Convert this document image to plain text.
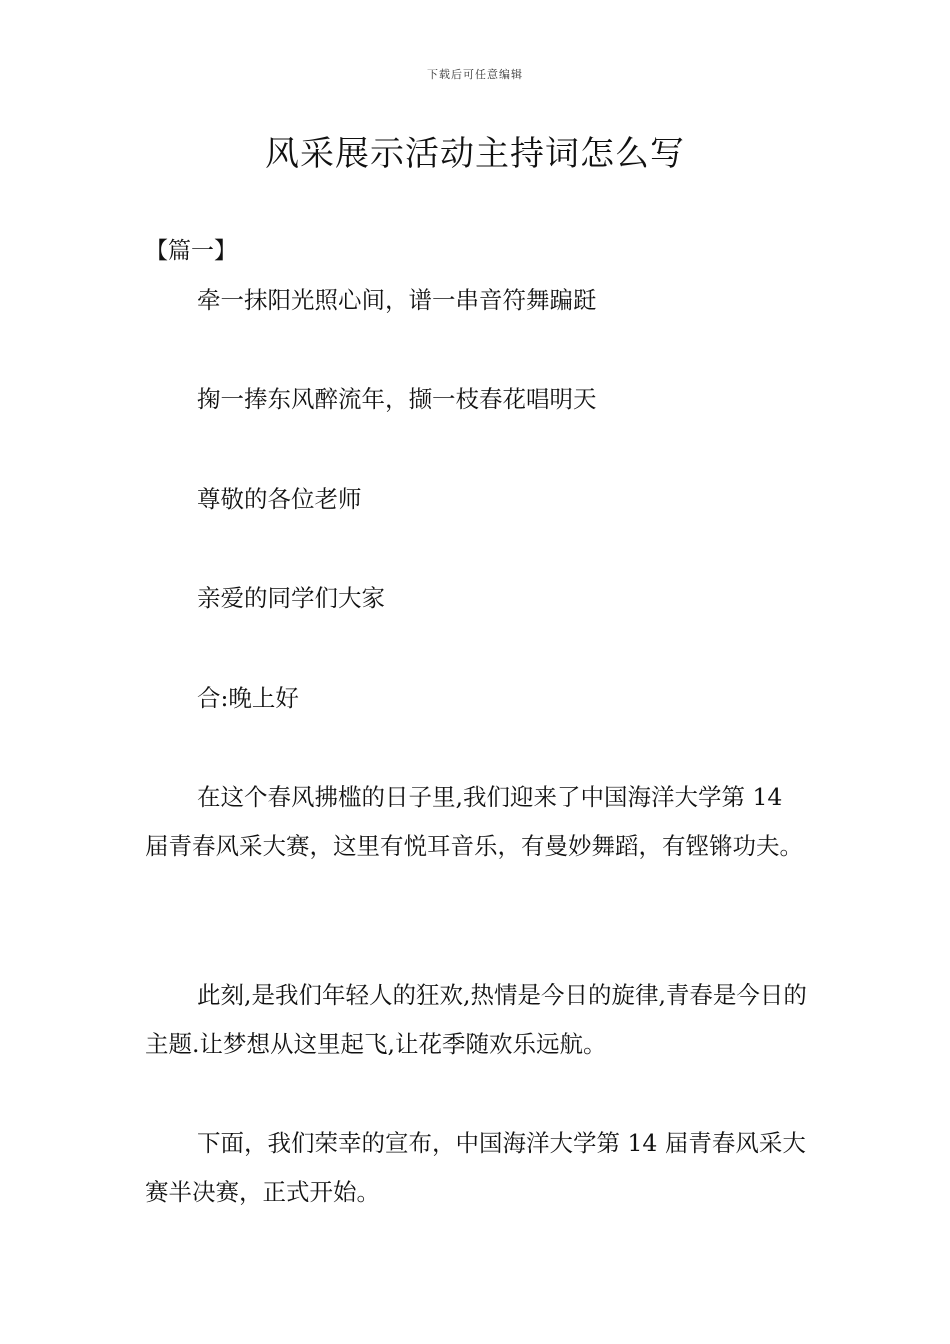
下载后可任意编辑
风采展示活动主持词怎么写
【篇一】

牵一抹阳光照心间，谱一串音符舞蹁跹

掬一捧东风醉流年，撷一枝春花唱明天

尊敬的各位老师

亲爱的同学们大家

合:晚上好

在这个春风拂槛的日子里,我们迎来了中国海洋大学第 14 届青春风采大赛，这里有悦耳音乐，有曼妙舞蹈，有铿锵功夫。

此刻,是我们年轻人的狂欢,热情是今日的旋律,青春是今日的主题.让梦想从这里起飞,让花季随欢乐远航。

下面，我们荣幸的宣布，中国海洋大学第 14 届青春风采大赛半决赛，正式开始。
